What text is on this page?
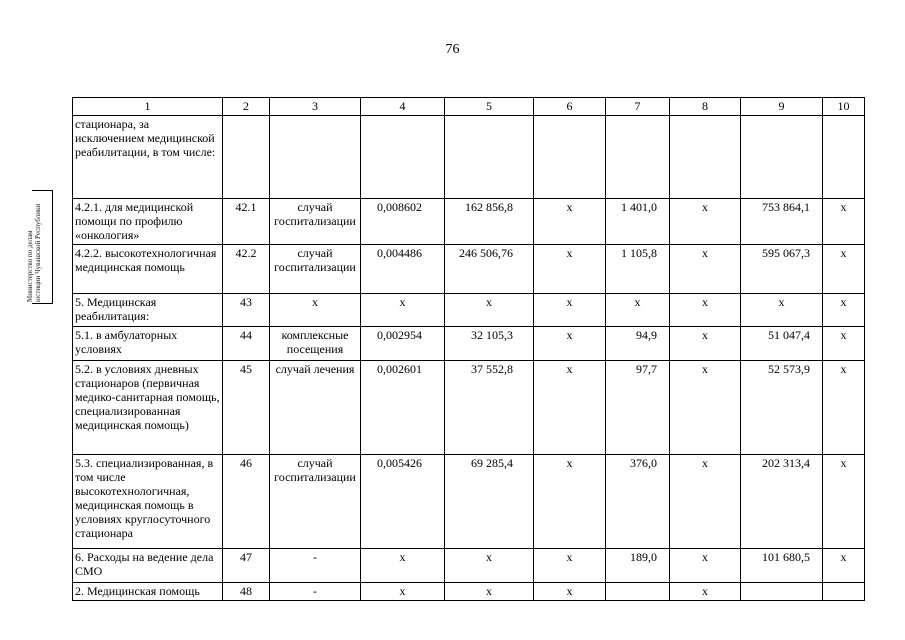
76
Министерство по делам юстиции Чувашской Республики
1	2	3	4	5	6	7	8	9	10
стационара, за исключением медицинской реабилитации, в том числе:									
4.2.1. для медицинской помощи по профилю «онкология»	42.1	случай госпитализации	0,008602	162 856,8	х	1 401,0	х	753 864,1	х
4.2.2. высокотехнологичная медицинская помощь	42.2	случай госпитализации	0,004486	246 506,76	х	1 105,8	х	595 067,3	х
5. Медицинская реабилитация:	43	х	х	х	х	х	х	х	х
5.1. в амбулаторных условиях	44	комплексные посещения	0,002954	32 105,3	х	94,9	х	51 047,4	х
5.2. в условиях дневных стационаров (первичная медико-санитарная помощь, специализированная медицинская помощь)	45	случай лечения	0,002601	37 552,8	х	97,7	х	52 573,9	х
5.3. специализированная, в том числе высокотехнологичная, медицинская помощь в условиях круглосуточного стационара	46	случай госпитализации	0,005426	69 285,4	х	376,0	х	202 313,4	х
6. Расходы на ведение дела СМО	47	-	х	х	х	189,0	х	101 680,5	х
2. Медицинская помощь	48	-	х	х	х		х		
